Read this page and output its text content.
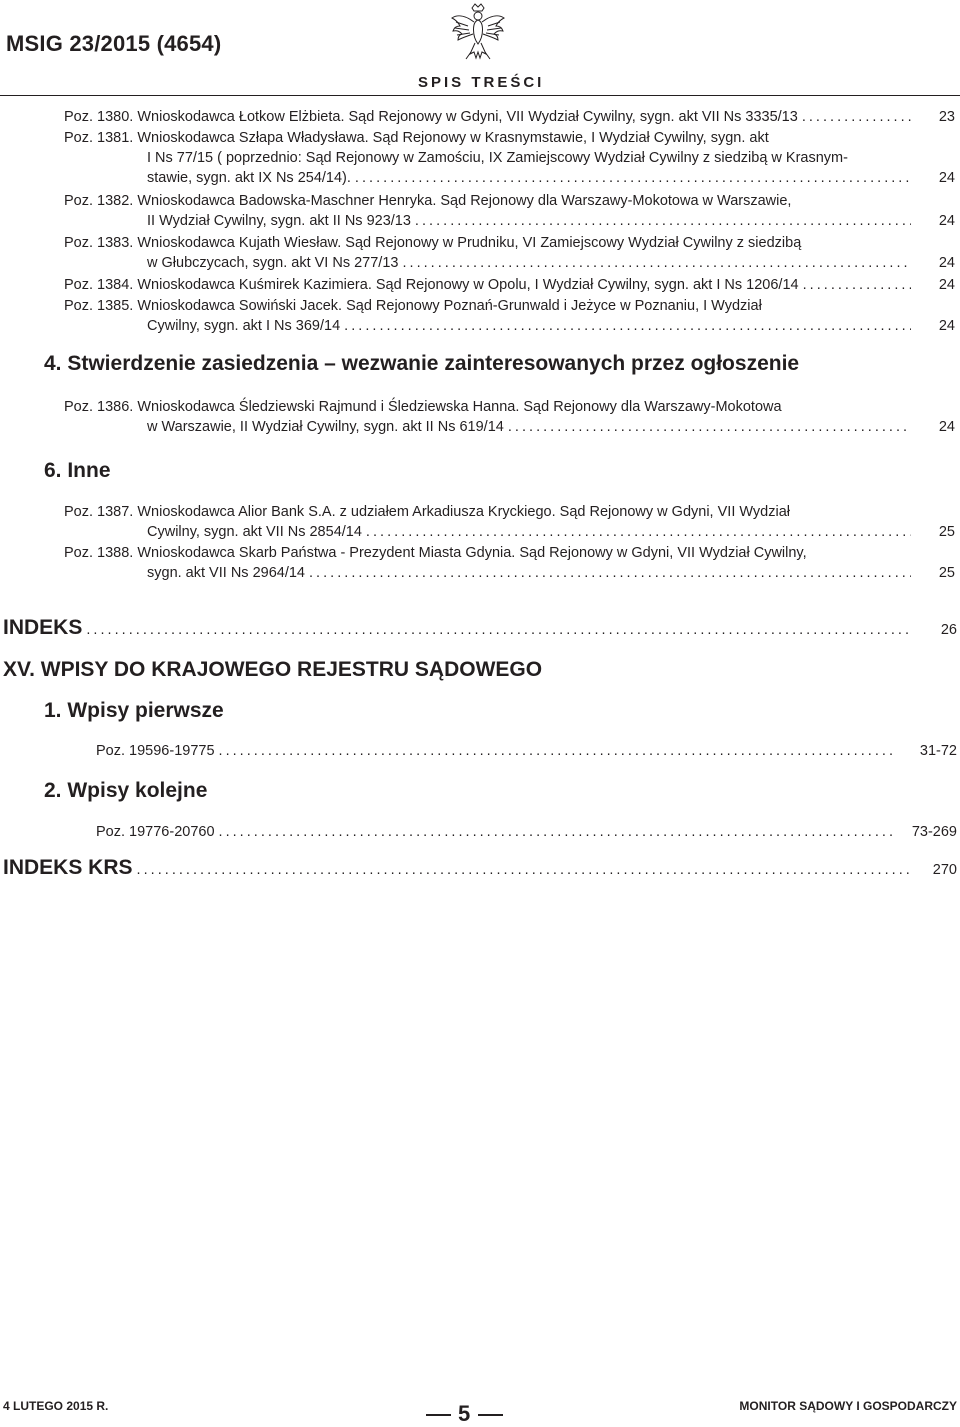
MSIG 23/2015 (4654)
SPIS TREŚCI
Poz. 1380. Wnioskodawca Łotkow Elżbieta. Sąd Rejonowy w Gdyni, VII Wydział Cywilny, sygn. akt VII Ns 3335/13 . . .	23
Poz. 1381. Wnioskodawca Szłapa Władysława. Sąd Rejonowy w Krasnymstawie, I Wydział Cywilny, sygn. akt
I Ns 77/15 ( poprzednio: Sąd Rejonowy w Zamościu, IX Zamiejscowy Wydział Cywilny z siedzibą w Krasnym-
stawie, sygn. akt IX Ns 254/14). . . .	24
Poz. 1382. Wnioskodawca Badowska-Maschner Henryka. Sąd Rejonowy dla Warszawy-Mokotowa w Warszawie,
II Wydział Cywilny, sygn. akt II Ns 923/13 . . .	24
Poz. 1383. Wnioskodawca Kujath Wiesław. Sąd Rejonowy w Prudniku, VI Zamiejscowy Wydział Cywilny z siedzibą
w Głubczycach, sygn. akt VI Ns 277/13 . . .	24
Poz. 1384. Wnioskodawca Kuśmirek Kazimiera. Sąd Rejonowy w Opolu, I Wydział Cywilny, sygn. akt I Ns 1206/14 . . .	24
Poz. 1385. Wnioskodawca Sowiński Jacek. Sąd Rejonowy Poznań-Grunwald i Jeżyce w Poznaniu, I Wydział
Cywilny, sygn. akt I Ns 369/14 . . .	24
4. Stwierdzenie zasiedzenia – wezwanie zainteresowanych przez ogłoszenie
Poz. 1386. Wnioskodawca Śledziewski Rajmund i Śledziewska Hanna. Sąd Rejonowy dla Warszawy-Mokotowa
w Warszawie, II Wydział Cywilny, sygn. akt II Ns 619/14 . . .	24
6. Inne
Poz. 1387. Wnioskodawca Alior Bank S.A. z udziałem Arkadiusza Kryckiego. Sąd Rejonowy w Gdyni, VII Wydział
Cywilny, sygn. akt VII Ns 2854/14 . . .	25
Poz. 1388. Wnioskodawca Skarb Państwa - Prezydent Miasta Gdynia. Sąd Rejonowy w Gdyni, VII Wydział Cywilny,
sygn. akt VII Ns 2964/14 . . .	25
INDEKS . . .	26
XV. WPISY DO KRAJOWEGO REJESTRU SĄDOWEGO
1. Wpisy pierwsze
Poz. 19596-19775 . . .	31-72
2. Wpisy kolejne
Poz. 19776-20760 . . .	73-269
INDEKS KRS . . .	270
4 LUTEGO 2015 R.	5	MONITOR SĄDOWY I GOSPODARCZY
